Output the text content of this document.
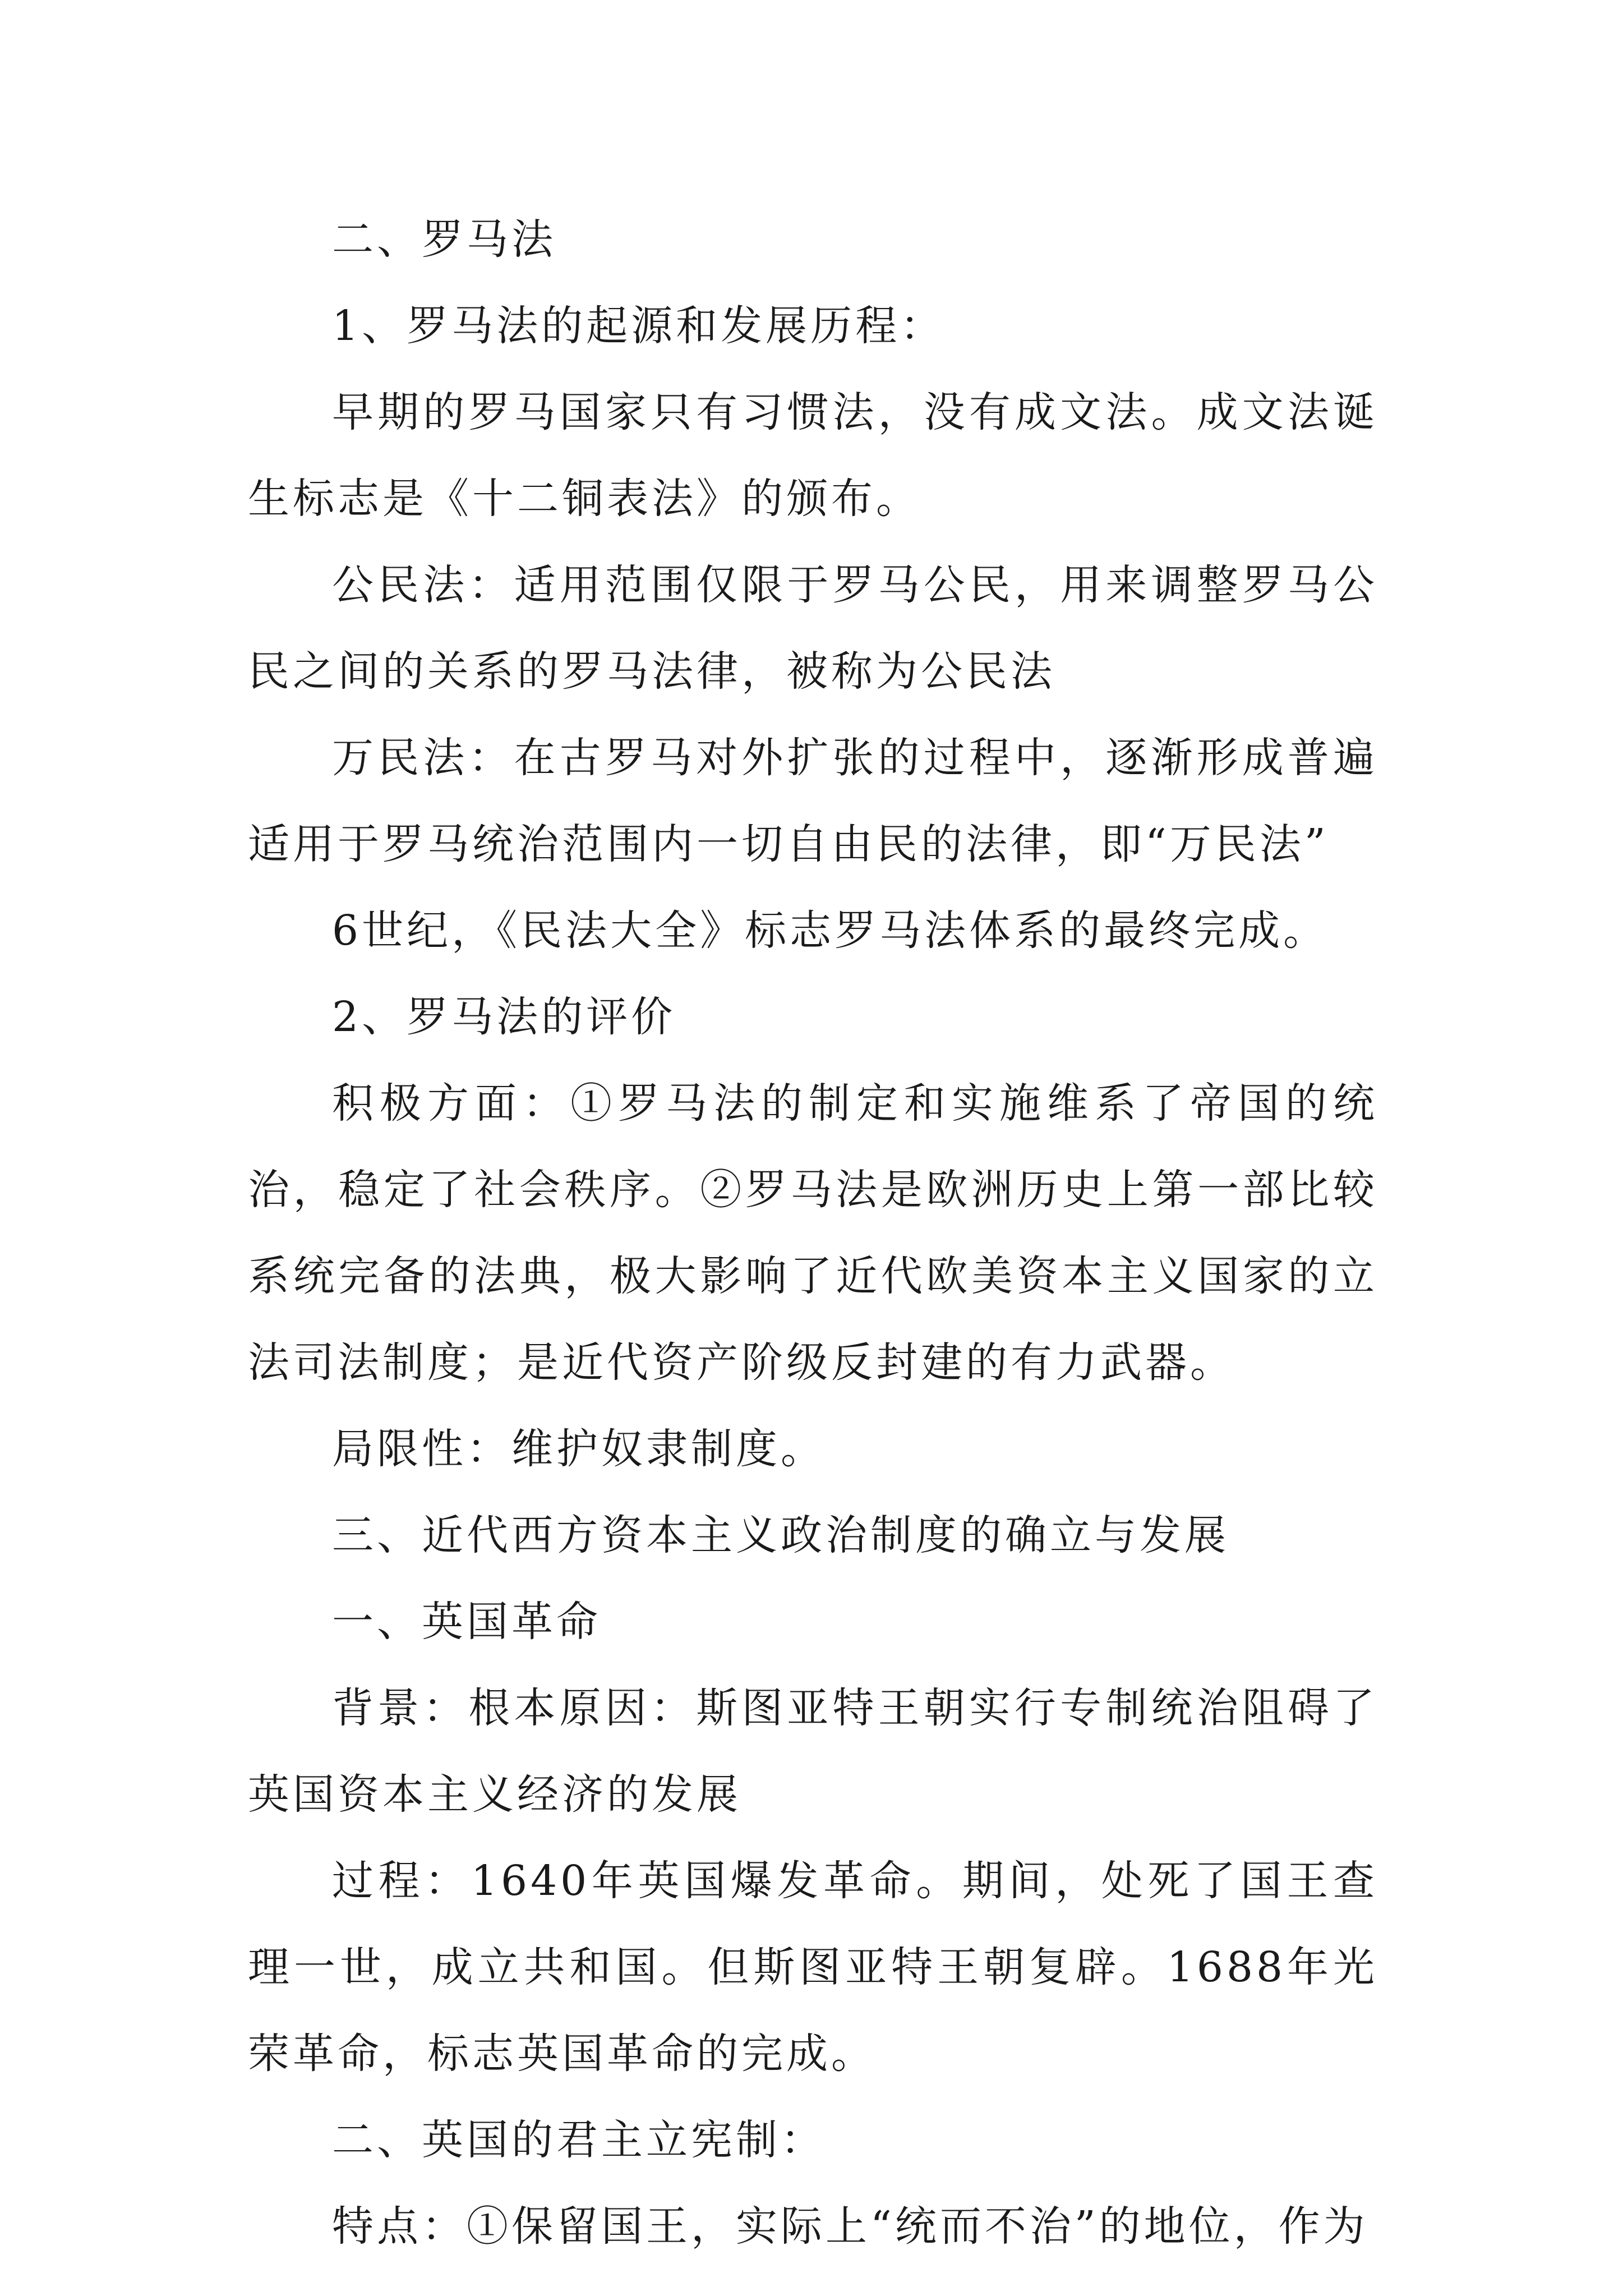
二、罗马法

1、罗马法的起源和发展历程：

早期的罗马国家只有习惯法，没有成文法。成文法诞生标志是《十二铜表法》的颁布。

公民法：适用范围仅限于罗马公民，用来调整罗马公民之间的关系的罗马法律，被称为公民法

万民法：在古罗马对外扩张的过程中，逐渐形成普遍适用于罗马统治范围内一切自由民的法律，即“万民法”

6世纪，《民法大全》标志罗马法体系的最终完成。

2、罗马法的评价

积极方面：①罗马法的制定和实施维系了帝国的统治，稳定了社会秩序。②罗马法是欧洲历史上第一部比较系统完备的法典，极大影响了近代欧美资本主义国家的立法司法制度；是近代资产阶级反封建的有力武器。

局限性：维护奴隶制度。

三、近代西方资本主义政治制度的确立与发展

一、英国革命

背景：根本原因：斯图亚特王朝实行专制统治阻碍了英国资本主义经济的发展

过程：1640年英国爆发革命。期间，处死了国王查理一世，成立共和国。但斯图亚特王朝复辟。1688年光荣革命，标志英国革命的完成。

二、英国的君主立宪制：

特点：①保留国王，实际上“统而不治”的地位，作为
